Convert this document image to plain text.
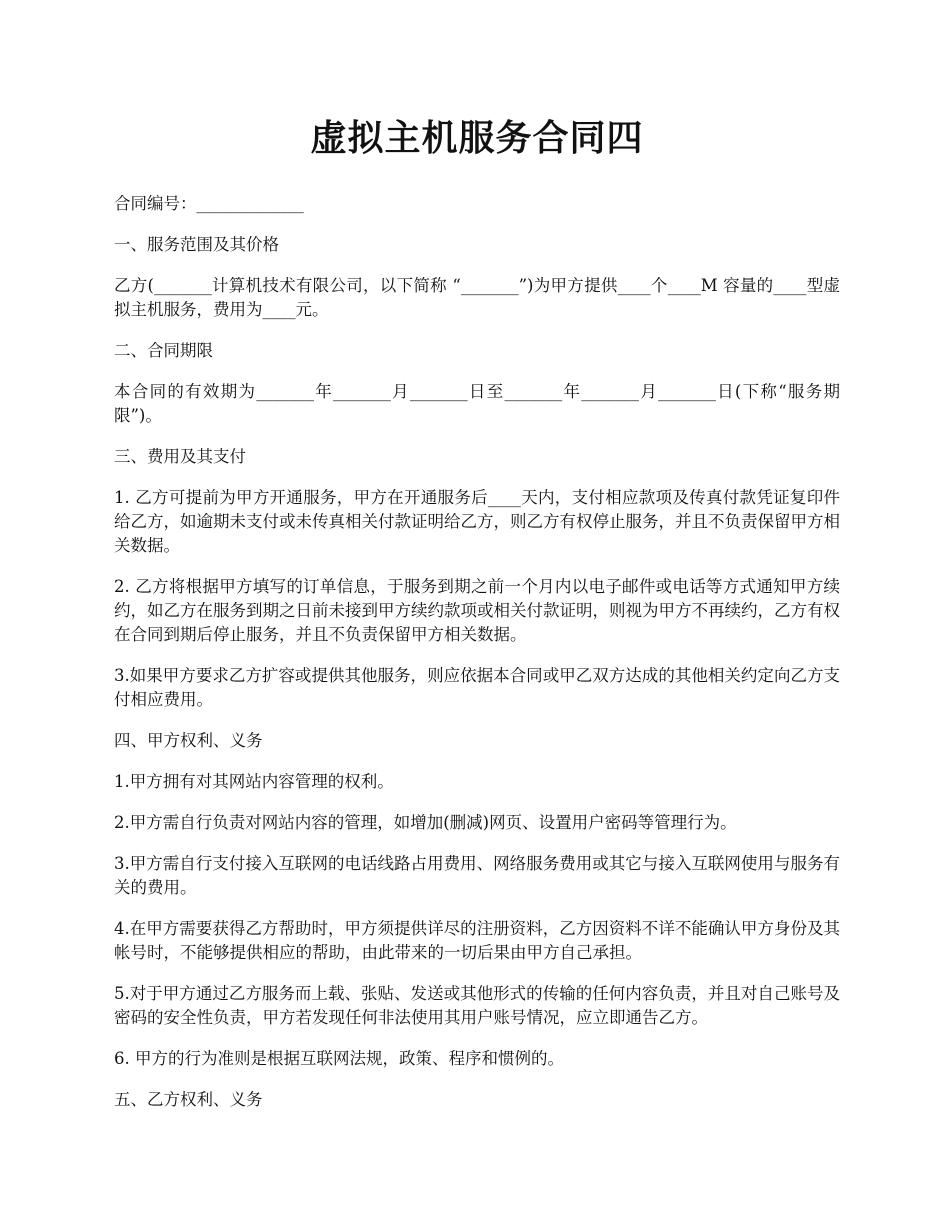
虚拟主机服务合同四

合同编号：_____________

一、服务范围及其价格

乙方(_______计算机技术有限公司，以下简称 “_______”)为甲方提供____个____M 容量的____型虚拟主机服务，费用为____元。

二、合同期限

本合同的有效期为_______年_______月_______日至_______年_______月_______日(下称“服务期限”)。

三、费用及其支付

1. 乙方可提前为甲方开通服务，甲方在开通服务后____天内，支付相应款项及传真付款凭证复印件给乙方，如逾期未支付或未传真相关付款证明给乙方，则乙方有权停止服务，并且不负责保留甲方相关数据。

2. 乙方将根据甲方填写的订单信息，于服务到期之前一个月内以电子邮件或电话等方式通知甲方续约，如乙方在服务到期之日前未接到甲方续约款项或相关付款证明，则视为甲方不再续约，乙方有权在合同到期后停止服务，并且不负责保留甲方相关数据。

3.如果甲方要求乙方扩容或提供其他服务，则应依据本合同或甲乙双方达成的其他相关约定向乙方支付相应费用。

四、甲方权利、义务

1.甲方拥有对其网站内容管理的权利。

2.甲方需自行负责对网站内容的管理，如增加(删减)网页、设置用户密码等管理行为。

3.甲方需自行支付接入互联网的电话线路占用费用、网络服务费用或其它与接入互联网使用与服务有关的费用。

4.在甲方需要获得乙方帮助时，甲方须提供详尽的注册资料，乙方因资料不详不能确认甲方身份及其帐号时，不能够提供相应的帮助，由此带来的一切后果由甲方自己承担。

5.对于甲方通过乙方服务而上载、张贴、发送或其他形式的传输的任何内容负责，并且对自己账号及密码的安全性负责，甲方若发现任何非法使用其用户账号情况，应立即通告乙方。

6. 甲方的行为准则是根据互联网法规，政策、程序和惯例的。

五、乙方权利、义务
